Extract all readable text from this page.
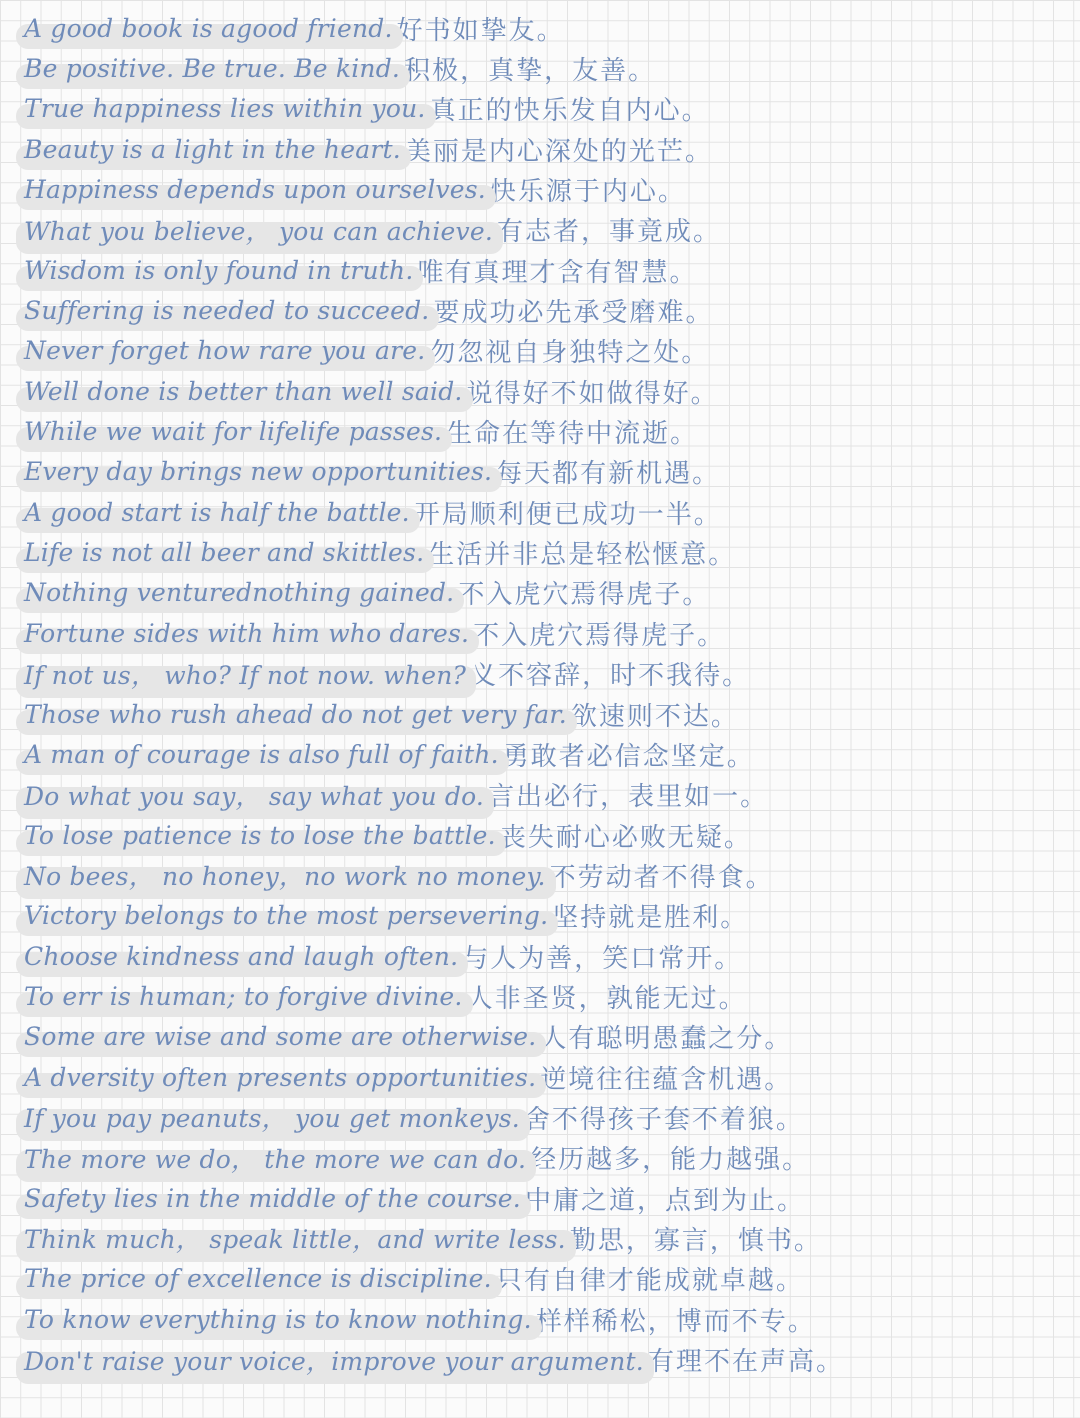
A good book is agood friend. 好书如挚友。
Be positive. Be true. Be kind. 积极，真挚，友善。
True happiness lies within you. 真正的快乐发自内心。
Beauty is a light in the heart. 美丽是内心深处的光芒。
Happiness depends upon ourselves. 快乐源于内心。
What you believe， you can achieve. 有志者，事竟成。
Wisdom is only found in truth. 唯有真理才含有智慧。
Suffering is needed to succeed. 要成功必先承受磨难。
Never forget how rare you are. 勿忽视自身独特之处。
Well done is better than well said. 说得好不如做得好。
While we wait for lifelife passes. 生命在等待中流逝。
Every day brings new opportunities. 每天都有新机遇。
A good start is half the battle. 开局顺利便已成功一半。
Life is not all beer and skittles. 生活并非总是轻松惬意。
Nothing venturednothing gained. 不入虎穴焉得虎子。
Fortune sides with him who dares. 不入虎穴焉得虎子。
If not us， who? If not now. when? 义不容辞，时不我待。
Those who rush ahead do not get very far. 欲速则不达。
A man of courage is also full of faith. 勇敢者必信念坚定。
Do what you say， say what you do. 言出必行，表里如一。
To lose patience is to lose the battle. 丧失耐心必败无疑。
No bees， no honey，no work no money. 不劳动者不得食。
Victory belongs to the most persevering. 坚持就是胜利。
Choose kindness and laugh often. 与人为善，笑口常开。
To err is human; to forgive divine. 人非圣贤，孰能无过。
Some are wise and some are otherwise. 人有聪明愚蠢之分。
A dversity often presents opportunities. 逆境往往蕴含机遇。
If you pay peanuts， you get monkeys. 舍不得孩子套不着狼。
The more we do， the more we can do. 经历越多，能力越强。
Safety lies in the middle of the course. 中庸之道，点到为止。
Think much， speak little，and write less. 勤思，寡言，慎书。
The price of excellence is discipline. 只有自律才能成就卓越。
To know everything is to know nothing. 样样稀松，博而不专。
Don't raise your voice，improve your argument. 有理不在声高。
